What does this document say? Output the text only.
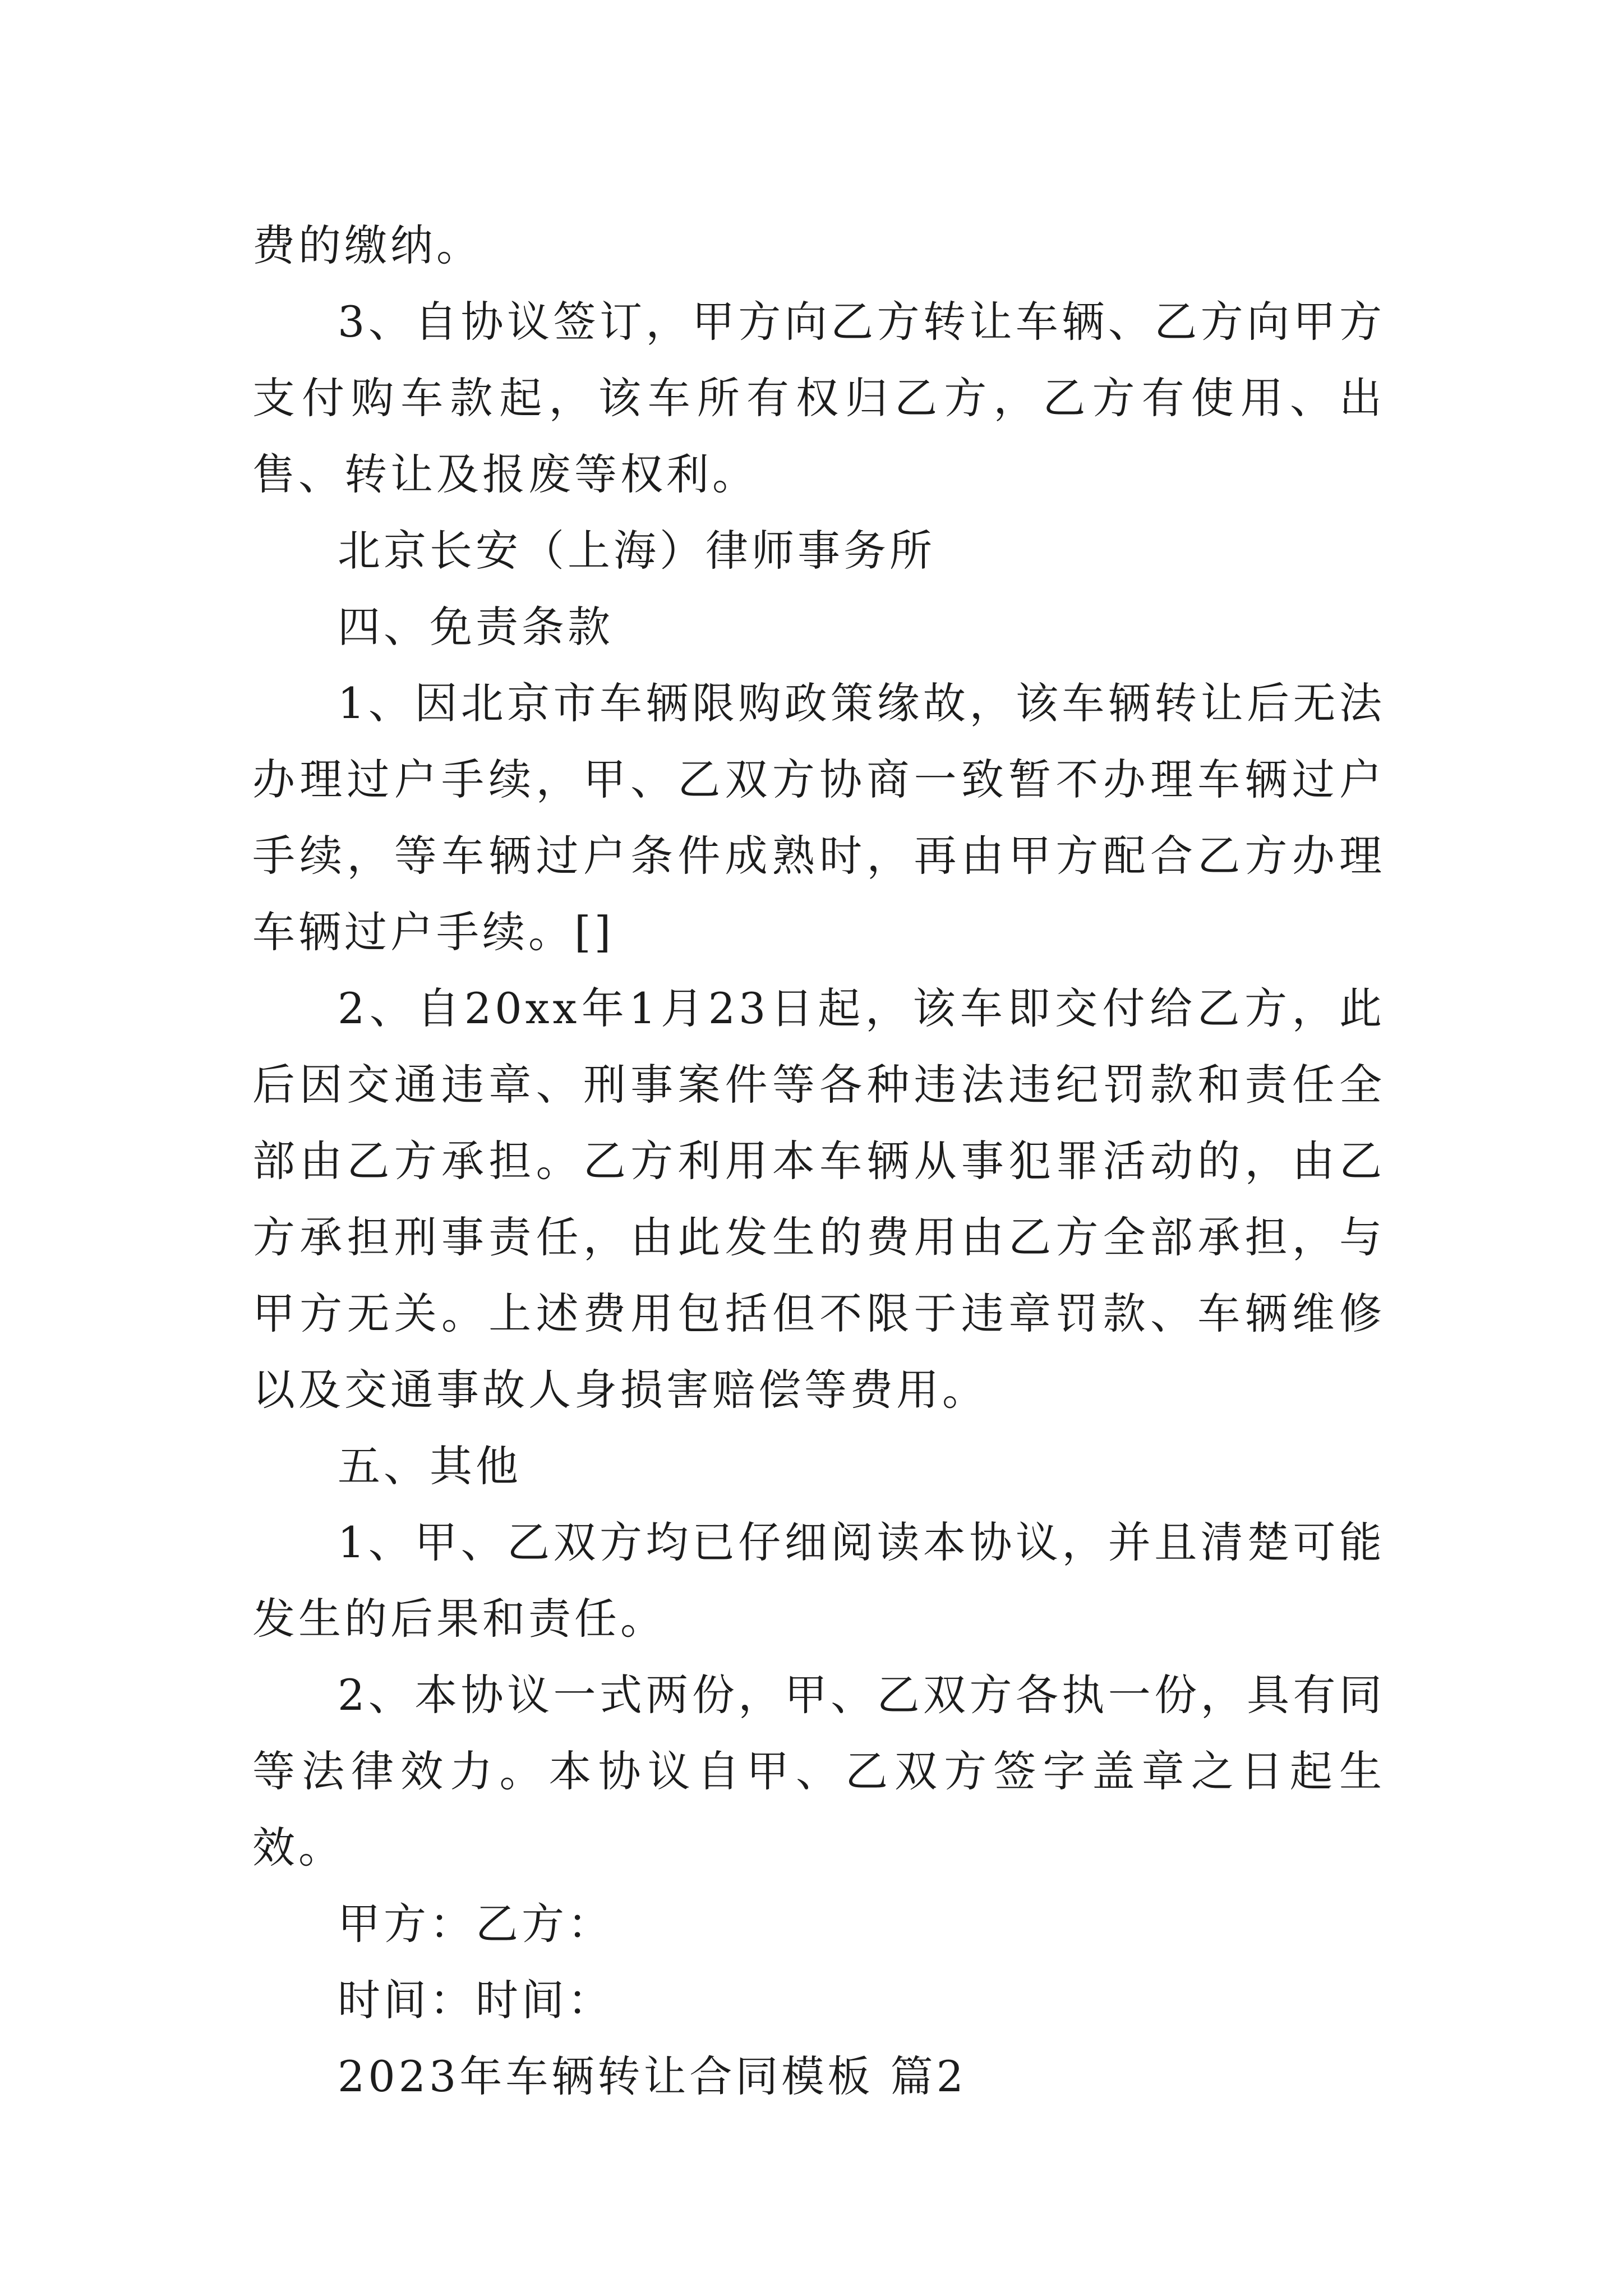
费的缴纳。

3、自协议签订，甲方向乙方转让车辆、乙方向甲方支付购车款起，该车所有权归乙方，乙方有使用、出售、转让及报废等权利。

北京长安（上海）律师事务所

四、免责条款

1、因北京市车辆限购政策缘故，该车辆转让后无法办理过户手续，甲、乙双方协商一致暂不办理车辆过户手续，等车辆过户条件成熟时，再由甲方配合乙方办理车辆过户手续。[]

2、自20xx年1月23日起，该车即交付给乙方，此后因交通违章、刑事案件等各种违法违纪罚款和责任全部由乙方承担。乙方利用本车辆从事犯罪活动的，由乙方承担刑事责任，由此发生的费用由乙方全部承担，与甲方无关。上述费用包括但不限于违章罚款、车辆维修以及交通事故人身损害赔偿等费用。

五、其他

1、甲、乙双方均已仔细阅读本协议，并且清楚可能发生的后果和责任。

2、本协议一式两份，甲、乙双方各执一份，具有同等法律效力。本协议自甲、乙双方签字盖章之日起生效。

甲方：乙方：

时间：时间：

2023年车辆转让合同模板 篇2
